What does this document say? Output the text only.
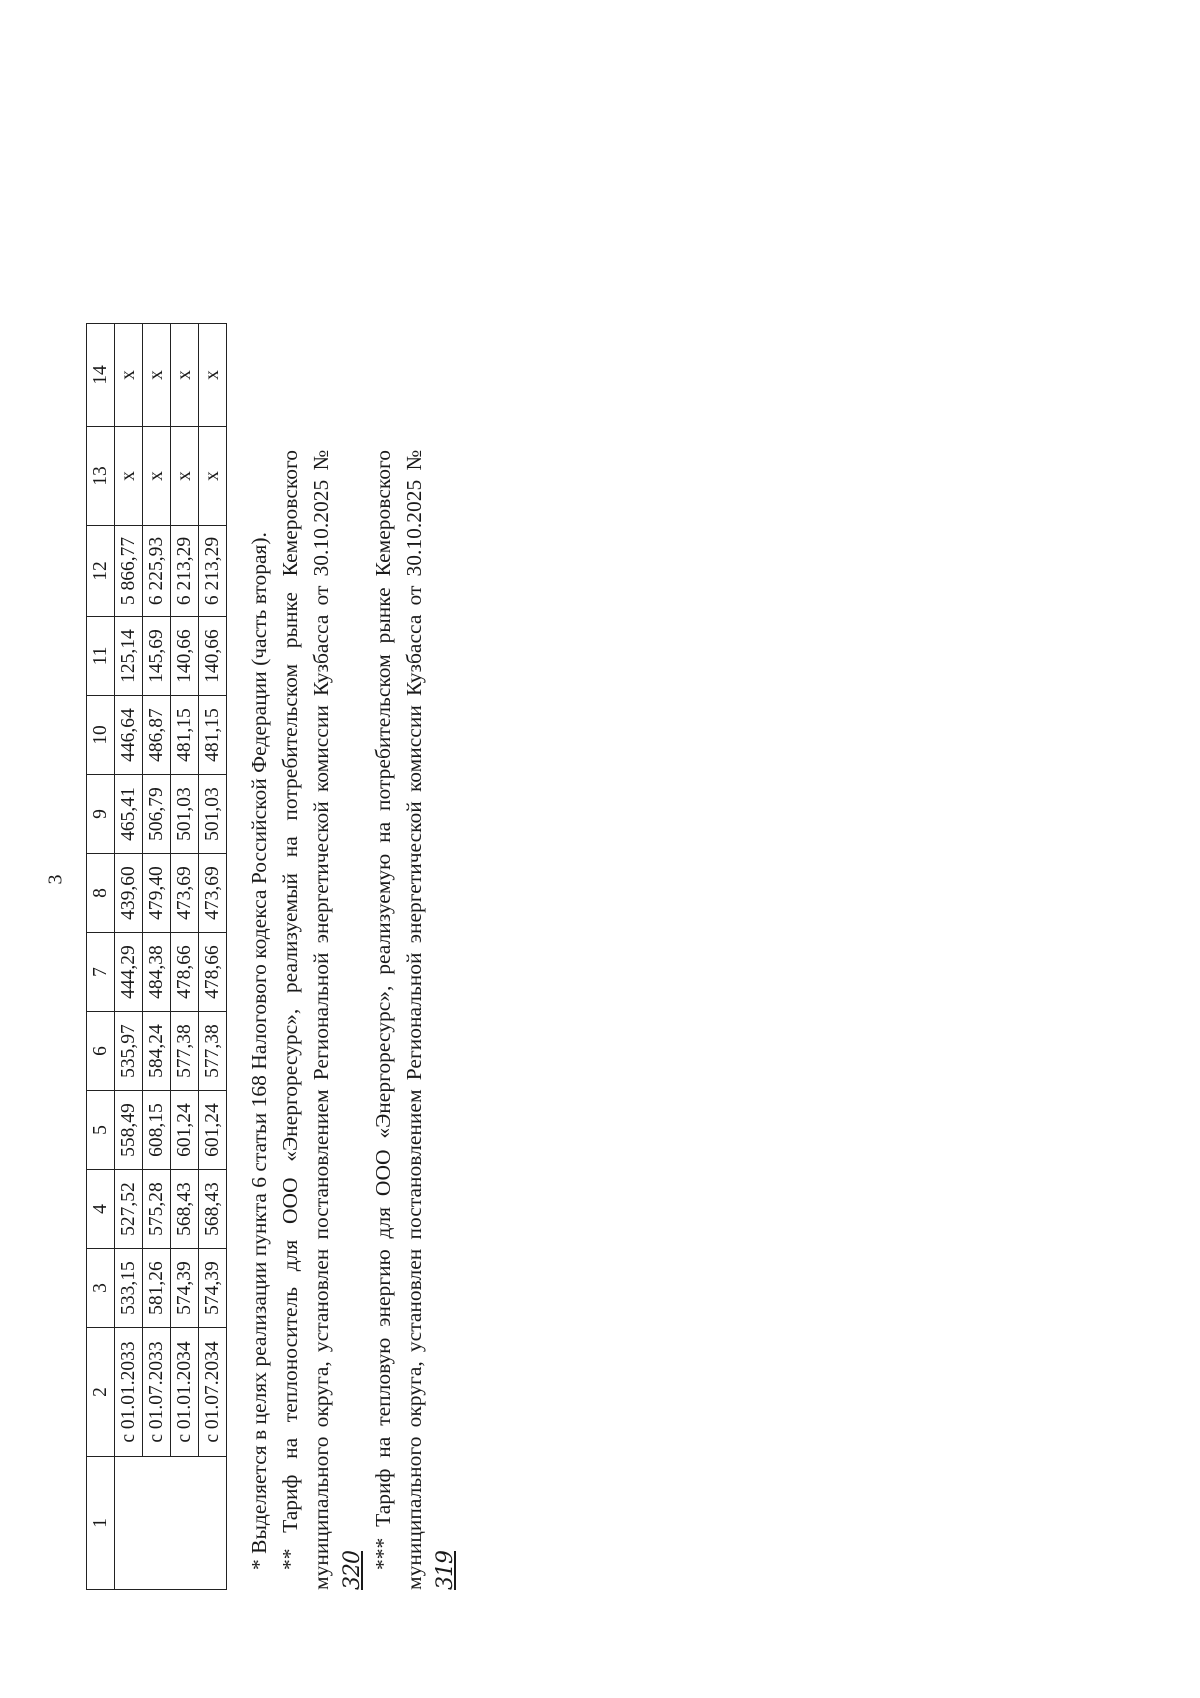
3
1	2	3	4	5	6	7	8	9	10	11	12	13	14
	с 01.01.2033	533,15	527,52	558,49	535,97	444,29	439,60	465,41	446,64	125,14	5 866,77	х	х
	с 01.07.2033	581,26	575,28	608,15	584,24	484,38	479,40	506,79	486,87	145,69	6 225,93	х	х
	с 01.01.2034	574,39	568,43	601,24	577,38	478,66	473,69	501,03	481,15	140,66	6 213,29	х	х
	с 01.07.2034	574,39	568,43	601,24	577,38	478,66	473,69	501,03	481,15	140,66	6 213,29	х	х

* Выделяется в целях реализации пункта 6 статьи 168 Налогового кодекса Российской Федерации (часть вторая). ** Тариф на теплоноситель для ООО «Энергоресурс», реализуемый на потребительском рынке Кемеровского муниципального округа, установлен постановлением Региональной энергетической комиссии Кузбасса от 30.10.2025 № 320

*** Тариф на тепловую энергию для ООО «Энергоресурс», реализуемую на потребительском рынке Кемеровского муниципального округа, установлен постановлением Региональной энергетической комиссии Кузбасса от 30.10.2025 № 319
